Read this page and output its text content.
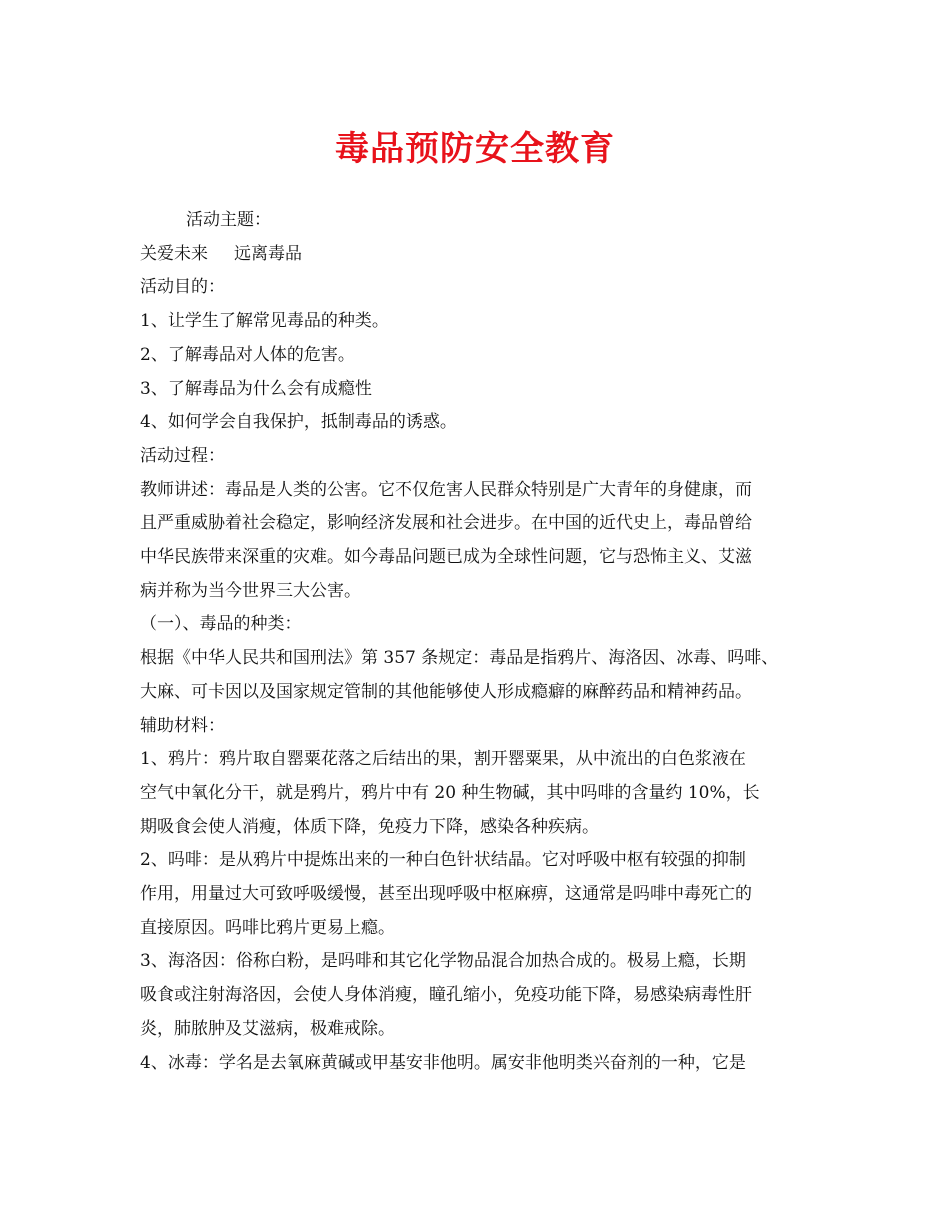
毒品预防安全教育

活动主题：

关爱未来 远离毒品

活动目的：

1、让学生了解常见毒品的种类。

2、了解毒品对人体的危害。

3、了解毒品为什么会有成瘾性

4、如何学会自我保护，抵制毒品的诱惑。

活动过程：

教师讲述：毒品是人类的公害。它不仅危害人民群众特别是广大青年的身健康，而

且严重威胁着社会稳定，影响经济发展和社会进步。在中国的近代史上，毒品曾给

中华民族带来深重的灾难。如今毒品问题已成为全球性问题，它与恐怖主义、艾滋

病并称为当今世界三大公害。

（一）、毒品的种类：

根据《中华人民共和国刑法》第 357 条规定：毒品是指鸦片、海洛因、冰毒、吗啡、

大麻、可卡因以及国家规定管制的其他能够使人形成瘾癖的麻醉药品和精神药品。

辅助材料：

1、鸦片：鸦片取自罂粟花落之后结出的果，割开罂粟果，从中流出的白色浆液在

空气中氧化分干，就是鸦片，鸦片中有 20 种生物碱，其中吗啡的含量约 10%，长

期吸食会使人消瘦，体质下降，免疫力下降，感染各种疾病。

2、吗啡：是从鸦片中提炼出来的一种白色针状结晶。它对呼吸中枢有较强的抑制

作用，用量过大可致呼吸缓慢，甚至出现呼吸中枢麻痹，这通常是吗啡中毒死亡的

直接原因。吗啡比鸦片更易上瘾。

3、海洛因：俗称白粉，是吗啡和其它化学物品混合加热合成的。极易上瘾，长期

吸食或注射海洛因，会使人身体消瘦，瞳孔缩小，免疫功能下降，易感染病毒性肝

炎，肺脓肿及艾滋病，极难戒除。

4、冰毒：学名是去氧麻黄碱或甲基安非他明。属安非他明类兴奋剂的一种，它是
